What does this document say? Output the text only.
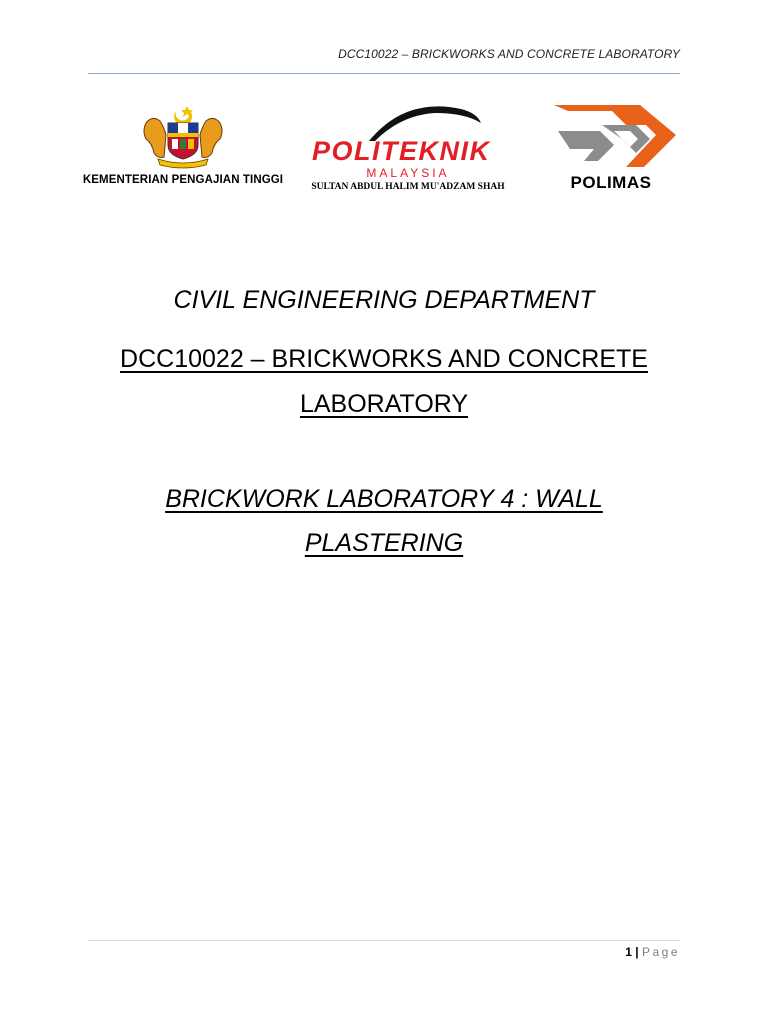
DCC10022 – BRICKWORKS AND CONCRETE LABORATORY
KEMENTERIAN PENGAJIAN TINGGI
POLITEKNIK
MALAYSIA
SULTAN ABDUL HALIM MU'ADZAM SHAH	POLIMAS
CIVIL ENGINEERING DEPARTMENT
DCC10022 – BRICKWORKS AND CONCRETE
LABORATORY
BRICKWORK LABORATORY 4 : WALL
PLASTERING
1 | Page
